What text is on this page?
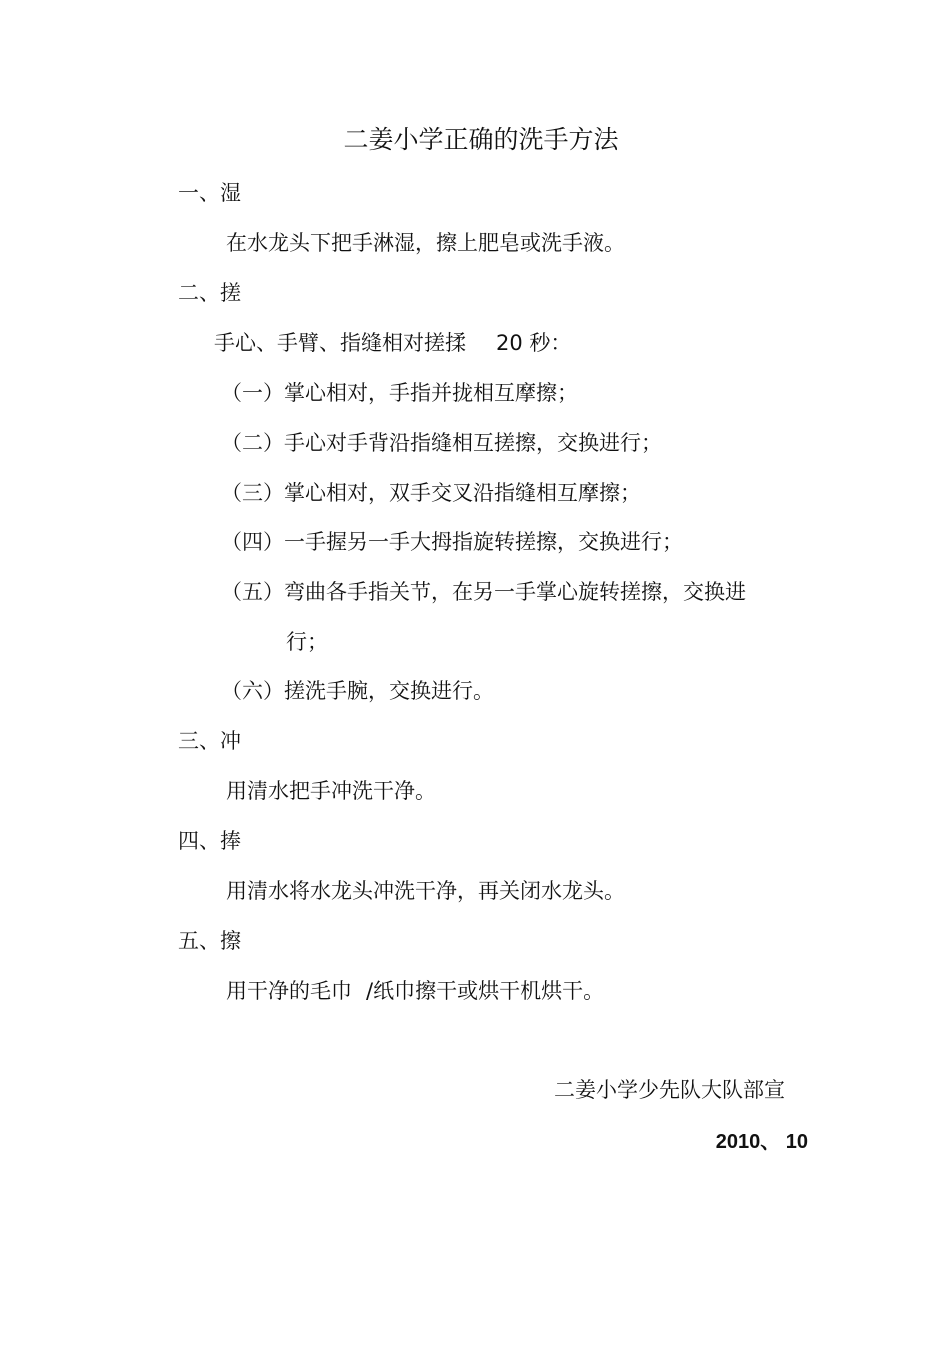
二姜小学正确的洗手方法
一、湿
在水龙头下把手淋湿，擦上肥皂或洗手液。
二、搓
手心、手臂、指缝相对搓揉 20 秒：
（一）掌心相对，手指并拢相互摩擦；
（二）手心对手背沿指缝相互搓擦，交换进行；
（三）掌心相对，双手交叉沿指缝相互摩擦；
（四）一手握另一手大拇指旋转搓擦，交换进行；
（五）弯曲各手指关节，在另一手掌心旋转搓擦，交换进
行；
（六）搓洗手腕，交换进行。
三、冲
用清水把手冲洗干净。
四、捧
用清水将水龙头冲洗干净，再关闭水龙头。
五、擦
用干净的毛巾 /纸巾擦干或烘干机烘干。
二姜小学少先队大队部宣
2010、 10
